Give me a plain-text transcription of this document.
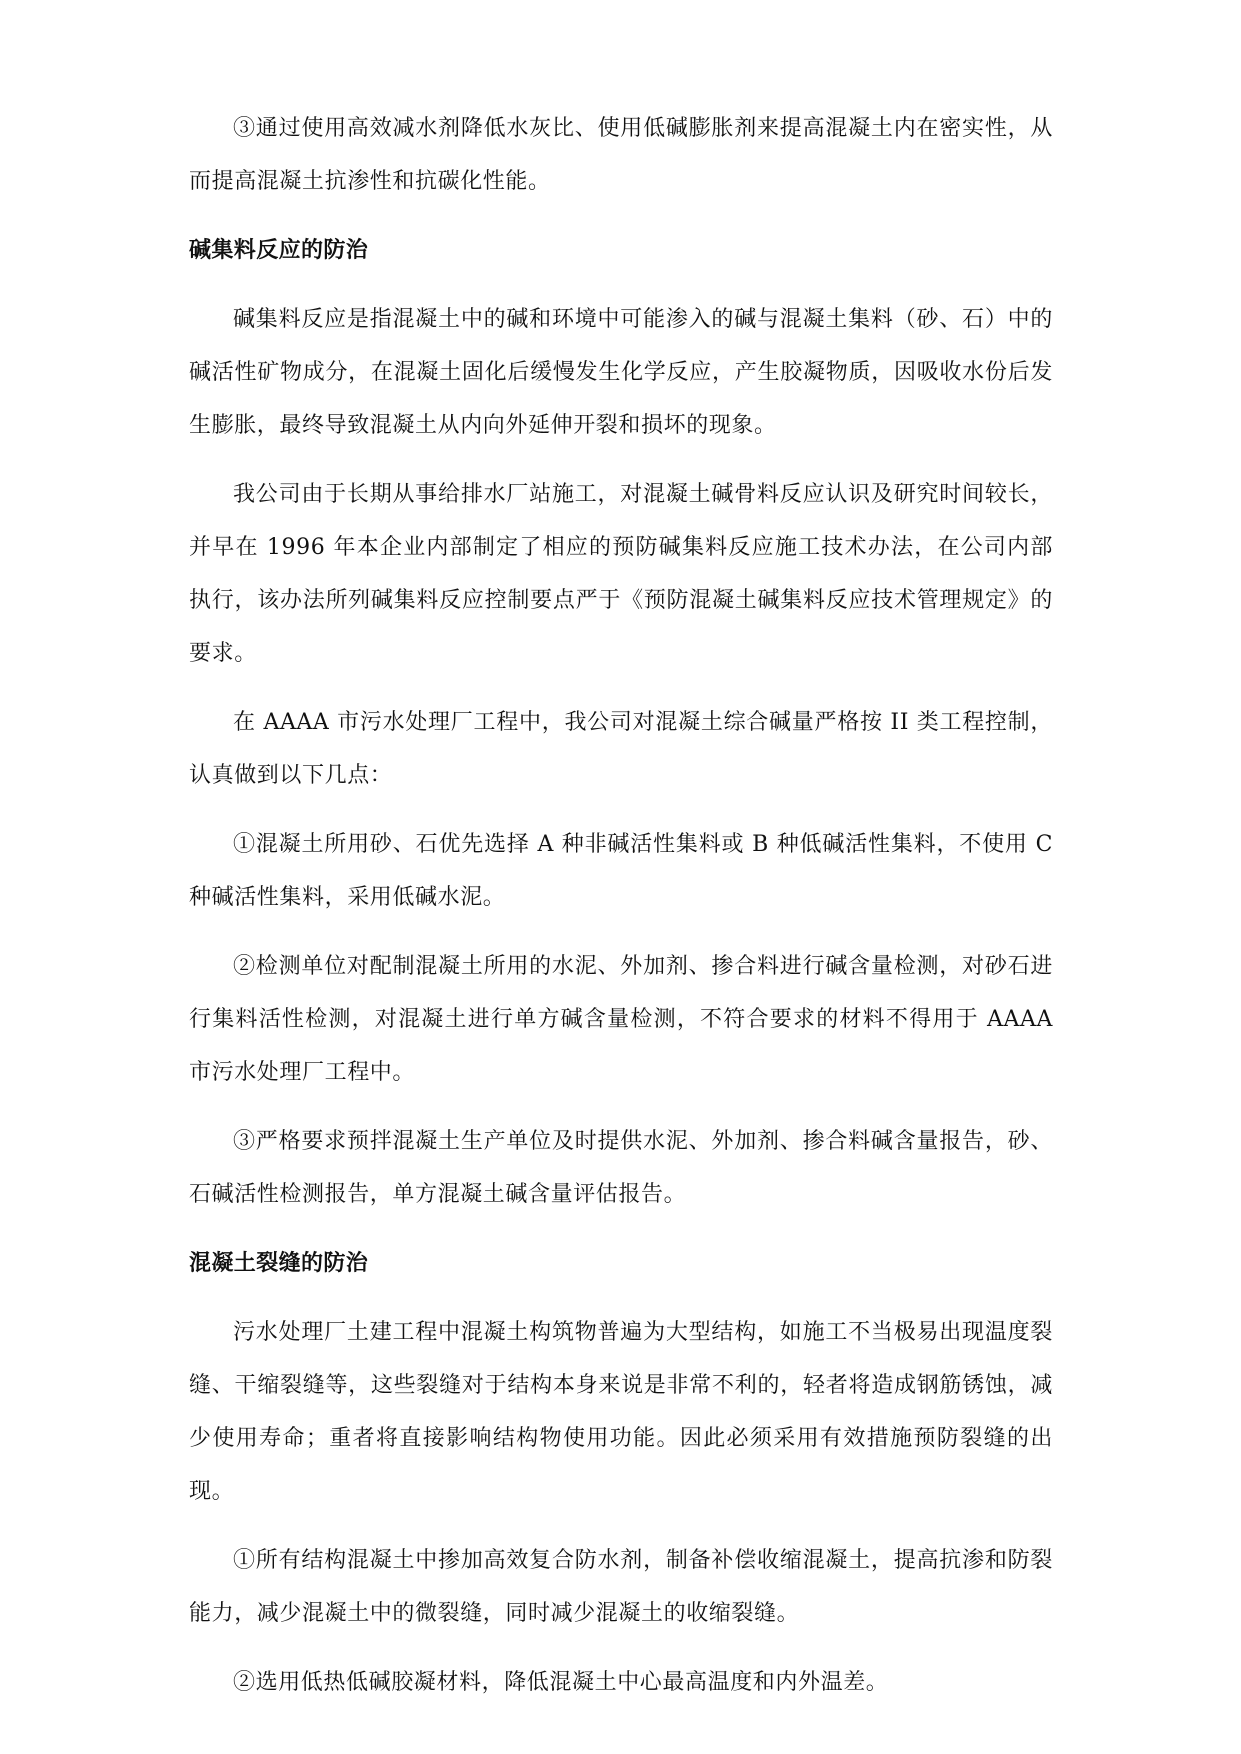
③通过使用高效减水剂降低水灰比、使用低碱膨胀剂来提高混凝土内在密实性，从而提高混凝土抗渗性和抗碳化性能。

碱集料反应的防治

碱集料反应是指混凝土中的碱和环境中可能渗入的碱与混凝土集料（砂、石）中的碱活性矿物成分，在混凝土固化后缓慢发生化学反应，产生胶凝物质，因吸收水份后发生膨胀，最终导致混凝土从内向外延伸开裂和损坏的现象。

我公司由于长期从事给排水厂站施工，对混凝土碱骨料反应认识及研究时间较长，并早在 1996 年本企业内部制定了相应的预防碱集料反应施工技术办法，在公司内部执行，该办法所列碱集料反应控制要点严于《预防混凝土碱集料反应技术管理规定》的要求。

在 AAAA 市污水处理厂工程中，我公司对混凝土综合碱量严格按 II 类工程控制，认真做到以下几点：

①混凝土所用砂、石优先选择 A 种非碱活性集料或 B 种低碱活性集料，不使用 C 种碱活性集料，采用低碱水泥。

②检测单位对配制混凝土所用的水泥、外加剂、掺合料进行碱含量检测，对砂石进行集料活性检测，对混凝土进行单方碱含量检测，不符合要求的材料不得用于 AAAA 市污水处理厂工程中。

③严格要求预拌混凝土生产单位及时提供水泥、外加剂、掺合料碱含量报告，砂、石碱活性检测报告，单方混凝土碱含量评估报告。

混凝土裂缝的防治

污水处理厂土建工程中混凝土构筑物普遍为大型结构，如施工不当极易出现温度裂缝、干缩裂缝等，这些裂缝对于结构本身来说是非常不利的，轻者将造成钢筋锈蚀，减少使用寿命；重者将直接影响结构物使用功能。因此必须采用有效措施预防裂缝的出现。

①所有结构混凝土中掺加高效复合防水剂，制备补偿收缩混凝土，提高抗渗和防裂能力，减少混凝土中的微裂缝，同时减少混凝土的收缩裂缝。

②选用低热低碱胶凝材料，降低混凝土中心最高温度和内外温差。
